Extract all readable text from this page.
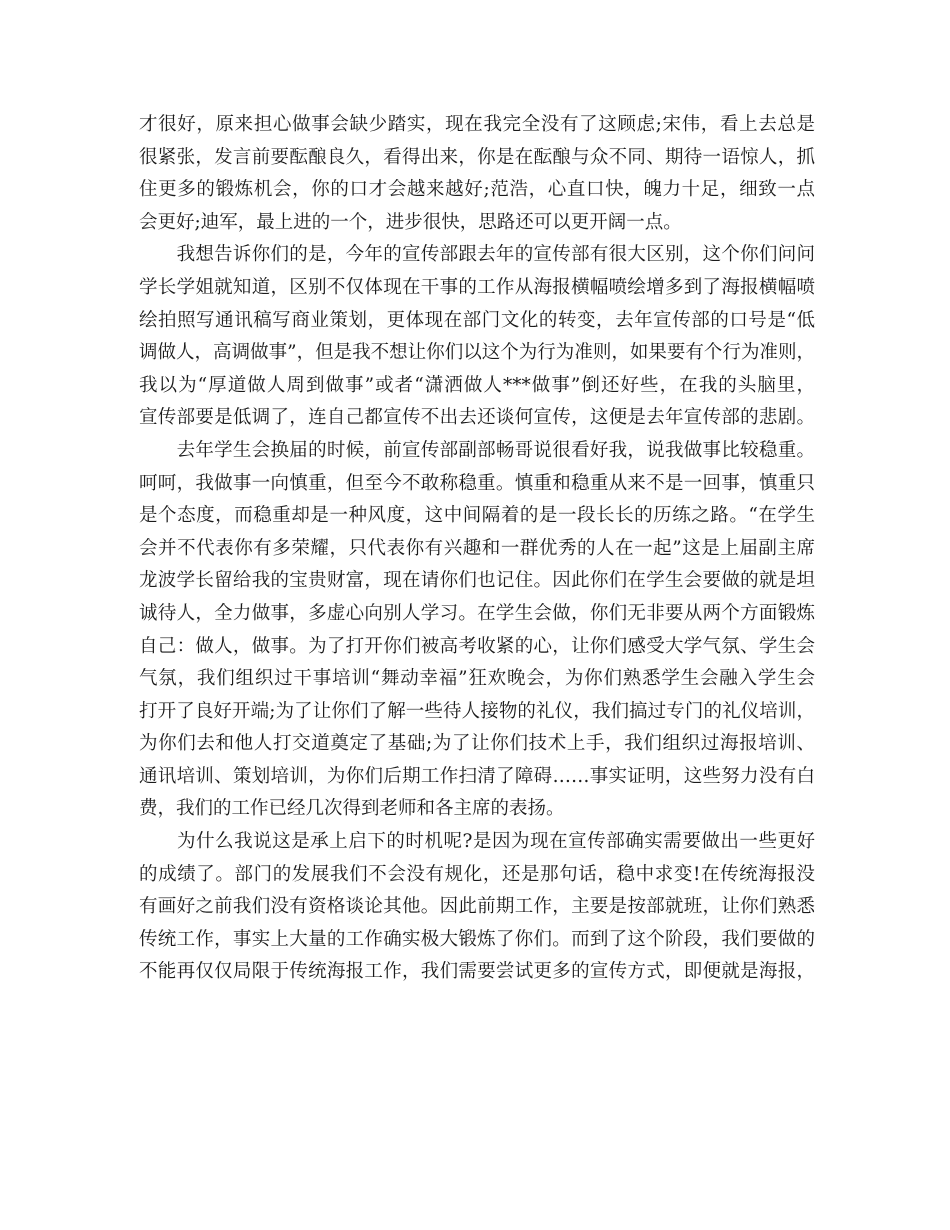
才很好，原来担心做事会缺少踏实，现在我完全没有了这顾虑;宋伟，看上去总是
很紧张，发言前要酝酿良久，看得出来，你是在酝酿与众不同、期待一语惊人，抓
住更多的锻炼机会，你的口才会越来越好;范浩，心直口快，魄力十足，细致一点
会更好;迪军，最上进的一个，进步很快，思路还可以更开阔一点。
　　我想告诉你们的是，今年的宣传部跟去年的宣传部有很大区别，这个你们问问
学长学姐就知道，区别不仅体现在干事的工作从海报横幅喷绘增多到了海报横幅喷
绘拍照写通讯稿写商业策划，更体现在部门文化的转变，去年宣传部的口号是“低
调做人，高调做事”，但是我不想让你们以这个为行为准则，如果要有个行为准则，
我以为“厚道做人周到做事”或者“潇洒做人***做事”倒还好些，在我的头脑里，
宣传部要是低调了，连自己都宣传不出去还谈何宣传，这便是去年宣传部的悲剧。
　　去年学生会换届的时候，前宣传部副部畅哥说很看好我，说我做事比较稳重。
呵呵，我做事一向慎重，但至今不敢称稳重。慎重和稳重从来不是一回事，慎重只
是个态度，而稳重却是一种风度，这中间隔着的是一段长长的历练之路。“在学生
会并不代表你有多荣耀，只代表你有兴趣和一群优秀的人在一起”这是上届副主席
龙波学长留给我的宝贵财富，现在请你们也记住。因此你们在学生会要做的就是坦
诚待人，全力做事，多虚心向别人学习。在学生会做，你们无非要从两个方面锻炼
自己：做人，做事。为了打开你们被高考收紧的心，让你们感受大学气氛、学生会
气氛，我们组织过干事培训“舞动幸福”狂欢晚会，为你们熟悉学生会融入学生会
打开了良好开端;为了让你们了解一些待人接物的礼仪，我们搞过专门的礼仪培训，
为你们去和他人打交道奠定了基础;为了让你们技术上手，我们组织过海报培训、
通讯培训、策划培训，为你们后期工作扫清了障碍……事实证明，这些努力没有白
费，我们的工作已经几次得到老师和各主席的表扬。
　　为什么我说这是承上启下的时机呢?是因为现在宣传部确实需要做出一些更好
的成绩了。部门的发展我们不会没有规化，还是那句话，稳中求变!在传统海报没
有画好之前我们没有资格谈论其他。因此前期工作，主要是按部就班，让你们熟悉
传统工作，事实上大量的工作确实极大锻炼了你们。而到了这个阶段，我们要做的
不能再仅仅局限于传统海报工作，我们需要尝试更多的宣传方式，即便就是海报，
